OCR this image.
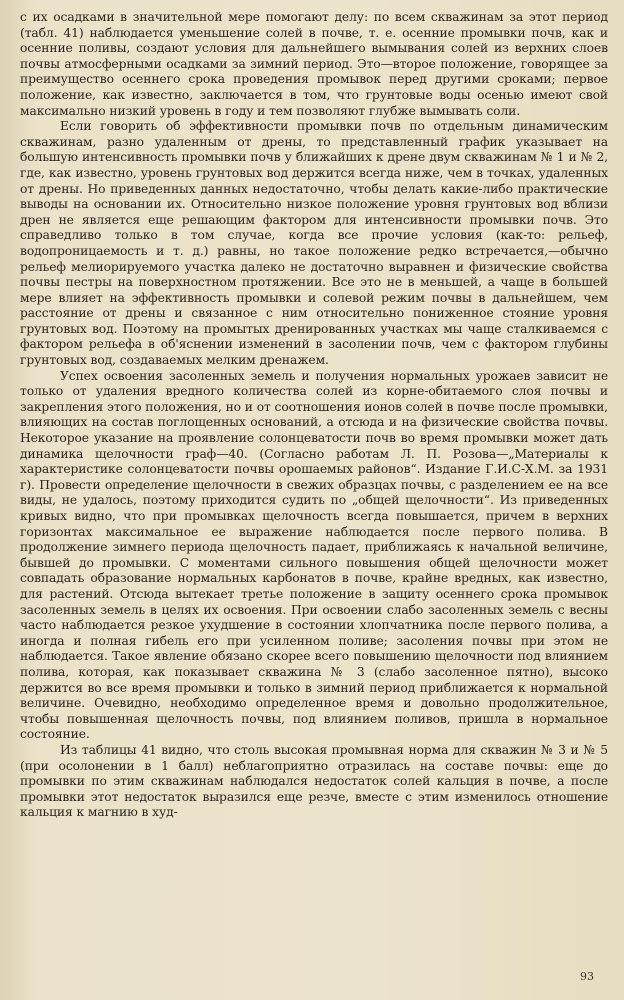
с их осадками в значительной мере помогают делу: по всем скважинам за этот период (табл. 41) наблюдается уменьшение солей в почве, т. е. осенние промывки почв, как и осенние поливы, создают условия для дальнейшего вымывания солей из верхних слоев почвы атмосферными осадками за зимний период. Это—второе положение, говорящее за преимущество осеннего срока проведения промывок перед другими сроками; первое положение, как известно, заключается в том, что грунтовые воды осенью имеют свой максимально низкий уровень в году и тем позволяют глубже вымывать соли.

Если говорить об эффективности промывки почв по отдельным динамическим скважинам, разно удаленным от дрены, то представленный график указывает на большую интенсивность промывки почв у ближайших к дрене двум скважинам № 1 и № 2, где, как известно, уровень грунтовых вод держится всегда ниже, чем в точках, удаленных от дрены. Но приведенных данных недостаточно, чтобы делать какие-либо практические выводы на основании их. Относительно низкое положение уровня грунтовых вод вблизи дрен не является еще решающим фактором для интенсивности промывки почв. Это справедливо только в том случае, когда все прочие условия (как-то: рельеф, водопроницаемость и т. д.) равны, но такое положение редко встречается,—обычно рельеф мелиорируемого участка далеко не достаточно выравнен и физические свойства почвы пестры на поверхностном протяжении. Все это не в меньшей, а чаще в большей мере влияет на эффективность промывки и солевой режим почвы в дальнейшем, чем расстояние от дрены и связанное с ним относительно пониженное стояние уровня грунтовых вод. Поэтому на промытых дренированных участках мы чаще сталкиваемся с фактором рельефа в об'яснении изменений в засолении почв, чем с фактором глубины грунтовых вод, создаваемых мелким дренажем.

Успех освоения засоленных земель и получения нормальных урожаев зависит не только от удаления вредного количества солей из корне-обитаемого слоя почвы и закрепления этого положения, но и от соотношения ионов солей в почве после промывки, влияющих на состав поглощенных оснований, а отсюда и на физические свойства почвы. Некоторое указание на проявление солонцеватости почв во время промывки может дать динамика щелочности граф—40. (Согласно работам Л. П. Розова—„Материалы к характеристике солонцеватости почвы орошаемых районов“. Издание Г.И.С-Х.М. за 1931 г). Провести определение щелочности в свежих образцах почвы, с разделением ее на все виды, не удалось, поэтому приходится судить по „общей щелочности“. Из приведенных кривых видно, что при промывках щелочность всегда повышается, причем в верхних горизонтах максимальное ее выражение наблюдается после первого полива. В продолжение зимнего периода щелочность падает, приближаясь к начальной величине, бывшей до промывки. С моментами сильного повышения общей щелочности может совпадать образование нормальных карбонатов в почве, крайне вредных, как известно, для растений. Отсюда вытекает третье положение в защиту осеннего срока промывок засоленных земель в целях их освоения. При освоении слабо засоленных земель с весны часто наблюдается резкое ухудшение в состоянии хлопчатника после первого полива, а иногда и полная гибель его при усиленном поливе; засоления почвы при этом не наблюдается. Такое явление обязано скорее всего повышению щелочности под влиянием полива, которая, как показывает скважина № 3 (слабо засоленное пятно), высоко держится во все время промывки и только в зимний период приближается к нормальной величине. Очевидно, необходимо определенное время и довольно продолжительное, чтобы повышенная щелочность почвы, под влиянием поливов, пришла в нормальное состояние.

Из таблицы 41 видно, что столь высокая промывная норма для скважин № 3 и № 5 (при осолонении в 1 балл) неблагоприятно отразилась на составе почвы: еще до промывки по этим скважинам наблюдался недостаток солей кальция в почве, а после промывки этот недостаток выразился еще резче, вместе с этим изменилось отношение кальция к магнию в худ-

93
